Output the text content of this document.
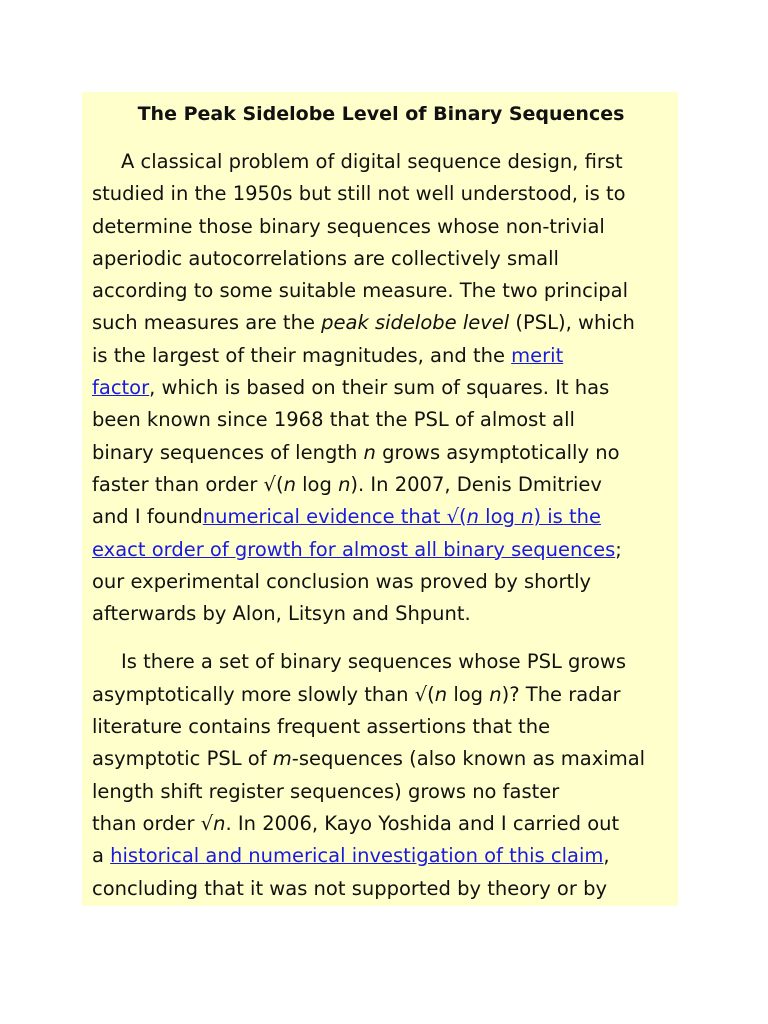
The Peak Sidelobe Level of Binary Sequences

A classical problem of digital sequence design, first
studied in the 1950s but still not well understood, is to
determine those binary sequences whose non-trivial
aperiodic autocorrelations are collectively small
according to some suitable measure. The two principal
such measures are the peak sidelobe level (PSL), which
is the largest of their magnitudes, and the merit
factor, which is based on their sum of squares. It has
been known since 1968 that the PSL of almost all
binary sequences of length n grows asymptotically no
faster than order √(n log n). In 2007, Denis Dmitriev
and I foundnumerical evidence that √(n log n) is the
exact order of growth for almost all binary sequences;
our experimental conclusion was proved by shortly
afterwards by Alon, Litsyn and Shpunt.

Is there a set of binary sequences whose PSL grows
asymptotically more slowly than √(n log n)? The radar
literature contains frequent assertions that the
asymptotic PSL of m-sequences (also known as maximal
length shift register sequences) grows no faster
than order √n. In 2006, Kayo Yoshida and I carried out
a historical and numerical investigation of this claim,
concluding that it was not supported by theory or by
